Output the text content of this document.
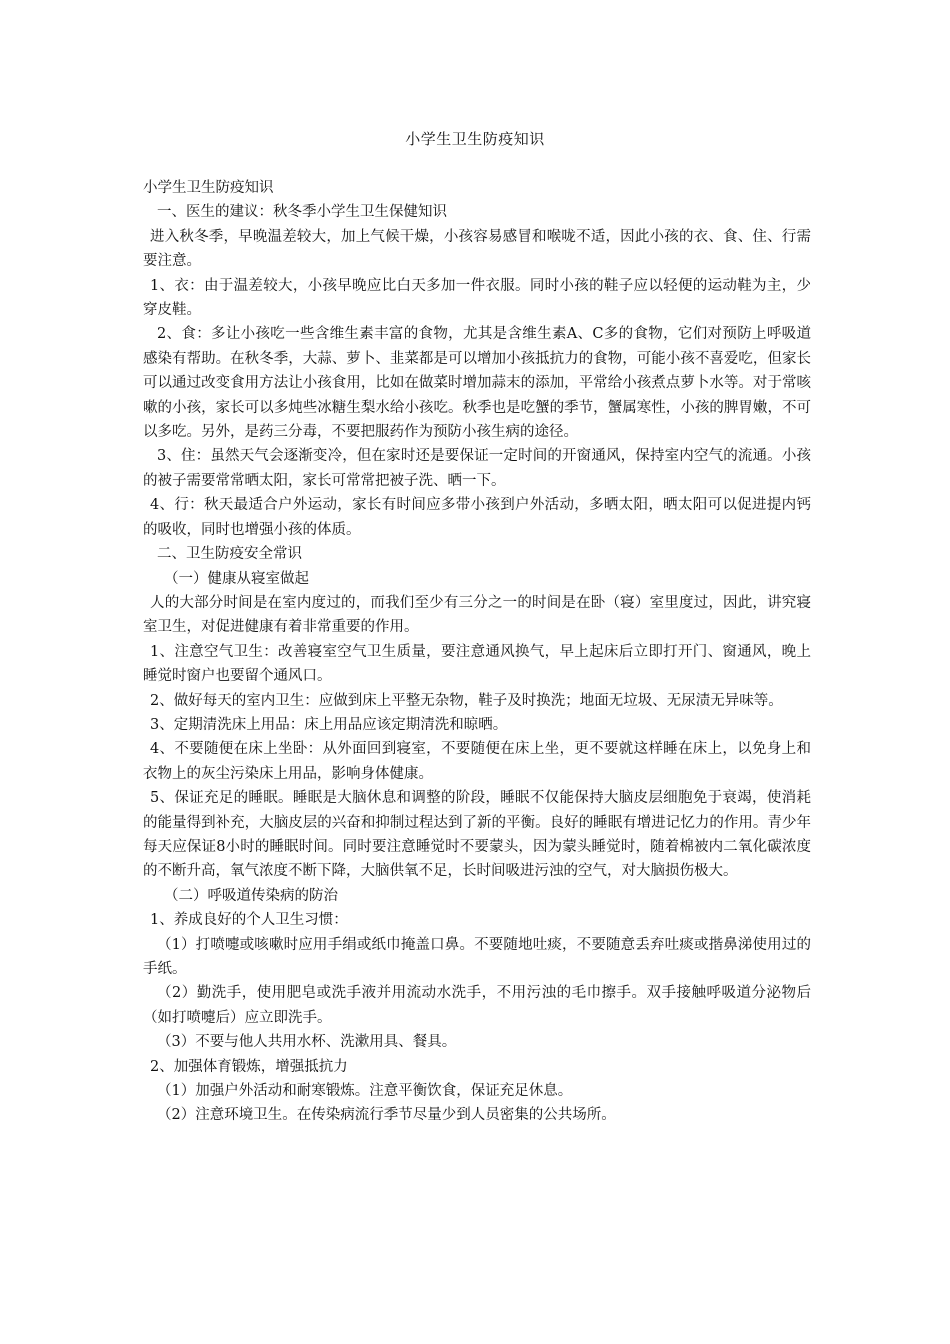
小学生卫生防疫知识

小学生卫生防疫知识

一、医生的建议：秋冬季小学生卫生保健知识

进入秋冬季，早晚温差较大，加上气候干燥，小孩容易感冒和喉咙不适，因此小孩的衣、食、住、行需要注意。

1、衣：由于温差较大，小孩早晚应比白天多加一件衣服。同时小孩的鞋子应以轻便的运动鞋为主，少穿皮鞋。

2、食：多让小孩吃一些含维生素丰富的食物，尤其是含维生素A、C多的食物，它们对预防上呼吸道感染有帮助。在秋冬季，大蒜、萝卜、韭菜都是可以增加小孩抵抗力的食物，可能小孩不喜爱吃，但家长可以通过改变食用方法让小孩食用，比如在做菜时增加蒜末的添加，平常给小孩煮点萝卜水等。对于常咳嗽的小孩，家长可以多炖些冰糖生梨水给小孩吃。秋季也是吃蟹的季节，蟹属寒性，小孩的脾胃嫩，不可以多吃。另外，是药三分毒，不要把服药作为预防小孩生病的途径。

3、住：虽然天气会逐渐变冷，但在家时还是要保证一定时间的开窗通风，保持室内空气的流通。小孩的被子需要常常晒太阳，家长可常常把被子洗、晒一下。

4、行：秋天最适合户外运动，家长有时间应多带小孩到户外活动，多晒太阳，晒太阳可以促进提内钙的吸收，同时也增强小孩的体质。

二、卫生防疫安全常识

（一）健康从寝室做起

人的大部分时间是在室内度过的，而我们至少有三分之一的时间是在卧（寝）室里度过，因此，讲究寝室卫生，对促进健康有着非常重要的作用。

1、注意空气卫生：改善寝室空气卫生质量，要注意通风换气，早上起床后立即打开门、窗通风，晚上睡觉时窗户也要留个通风口。

2、做好每天的室内卫生：应做到床上平整无杂物，鞋子及时换洗；地面无垃圾、无尿渍无异味等。

3、定期清洗床上用品：床上用品应该定期清洗和晾晒。

4、不要随便在床上坐卧：从外面回到寝室，不要随便在床上坐，更不要就这样睡在床上，以免身上和衣物上的灰尘污染床上用品，影响身体健康。

5、保证充足的睡眠。睡眠是大脑休息和调整的阶段，睡眠不仅能保持大脑皮层细胞免于衰竭，使消耗的能量得到补充，大脑皮层的兴奋和抑制过程达到了新的平衡。良好的睡眠有增进记忆力的作用。青少年每天应保证8小时的睡眠时间。同时要注意睡觉时不要蒙头，因为蒙头睡觉时，随着棉被内二氧化碳浓度的不断升高，氧气浓度不断下降，大脑供氧不足，长时间吸进污浊的空气，对大脑损伤极大。

（二）呼吸道传染病的防治

1、养成良好的个人卫生习惯：

（1）打喷嚏或咳嗽时应用手绢或纸巾掩盖口鼻。不要随地吐痰，不要随意丢弃吐痰或揩鼻涕使用过的手纸。

（2）勤洗手，使用肥皂或洗手液并用流动水洗手，不用污浊的毛巾擦手。双手接触呼吸道分泌物后（如打喷嚏后）应立即洗手。

（3）不要与他人共用水杯、洗漱用具、餐具。

2、加强体育锻炼，增强抵抗力

（1）加强户外活动和耐寒锻炼。注意平衡饮食，保证充足休息。

（2）注意环境卫生。在传染病流行季节尽量少到人员密集的公共场所。
